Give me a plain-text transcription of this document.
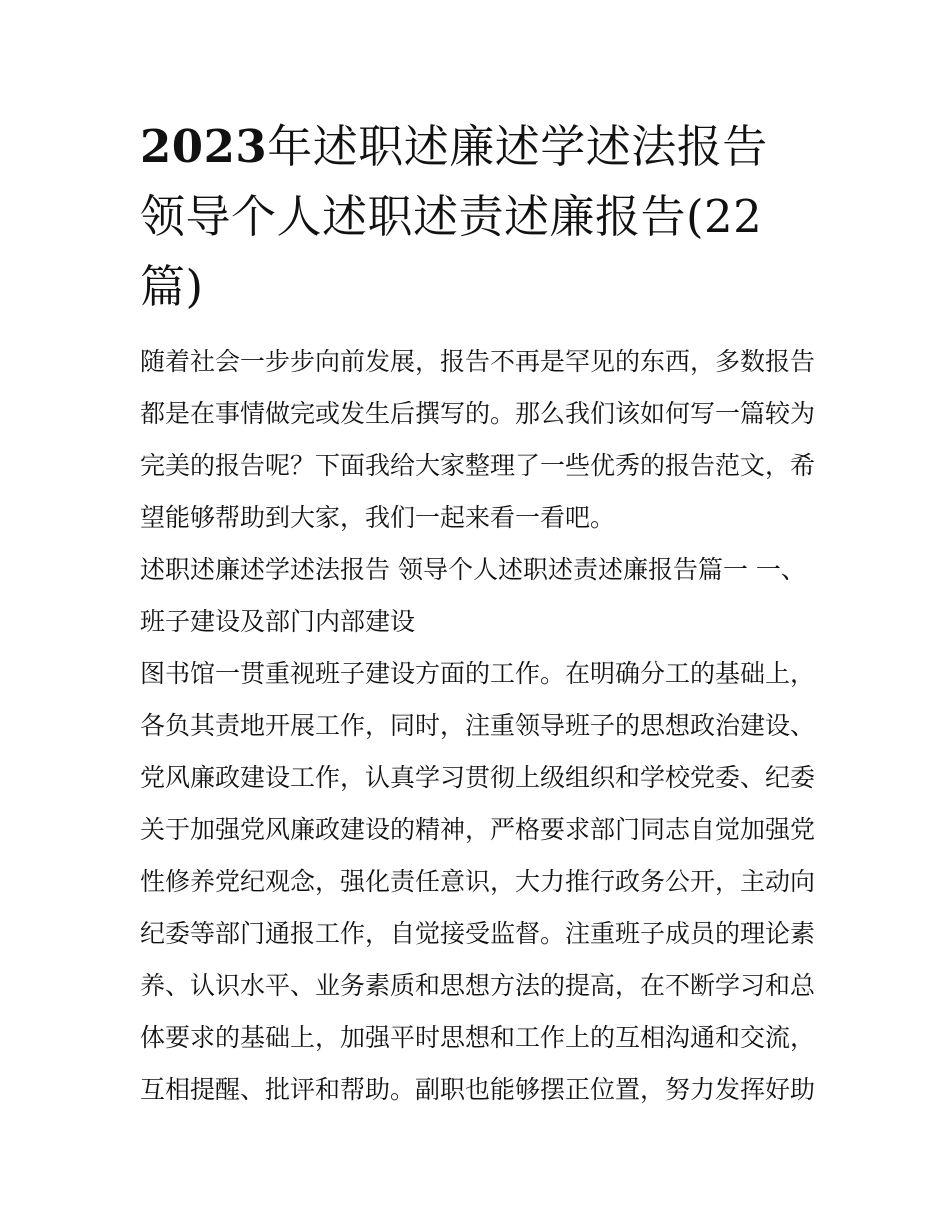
2023年述职述廉述学述法报告
领导个人述职述责述廉报告(22
篇)
随着社会一步步向前发展，报告不再是罕见的东西，多数报告
都是在事情做完或发生后撰写的。那么我们该如何写一篇较为
完美的报告呢？下面我给大家整理了一些优秀的报告范文，希
望能够帮助到大家，我们一起来看一看吧。
述职述廉述学述法报告 领导个人述职述责述廉报告篇一 一、
班子建设及部门内部建设
图书馆一贯重视班子建设方面的工作。在明确分工的基础上，
各负其责地开展工作，同时，注重领导班子的思想政治建设、
党风廉政建设工作，认真学习贯彻上级组织和学校党委、纪委
关于加强党风廉政建设的精神，严格要求部门同志自觉加强党
性修养党纪观念，强化责任意识，大力推行政务公开，主动向
纪委等部门通报工作，自觉接受监督。注重班子成员的理论素
养、认识水平、业务素质和思想方法的提高，在不断学习和总
体要求的基础上，加强平时思想和工作上的互相沟通和交流，
互相提醒、批评和帮助。副职也能够摆正位置，努力发挥好助
